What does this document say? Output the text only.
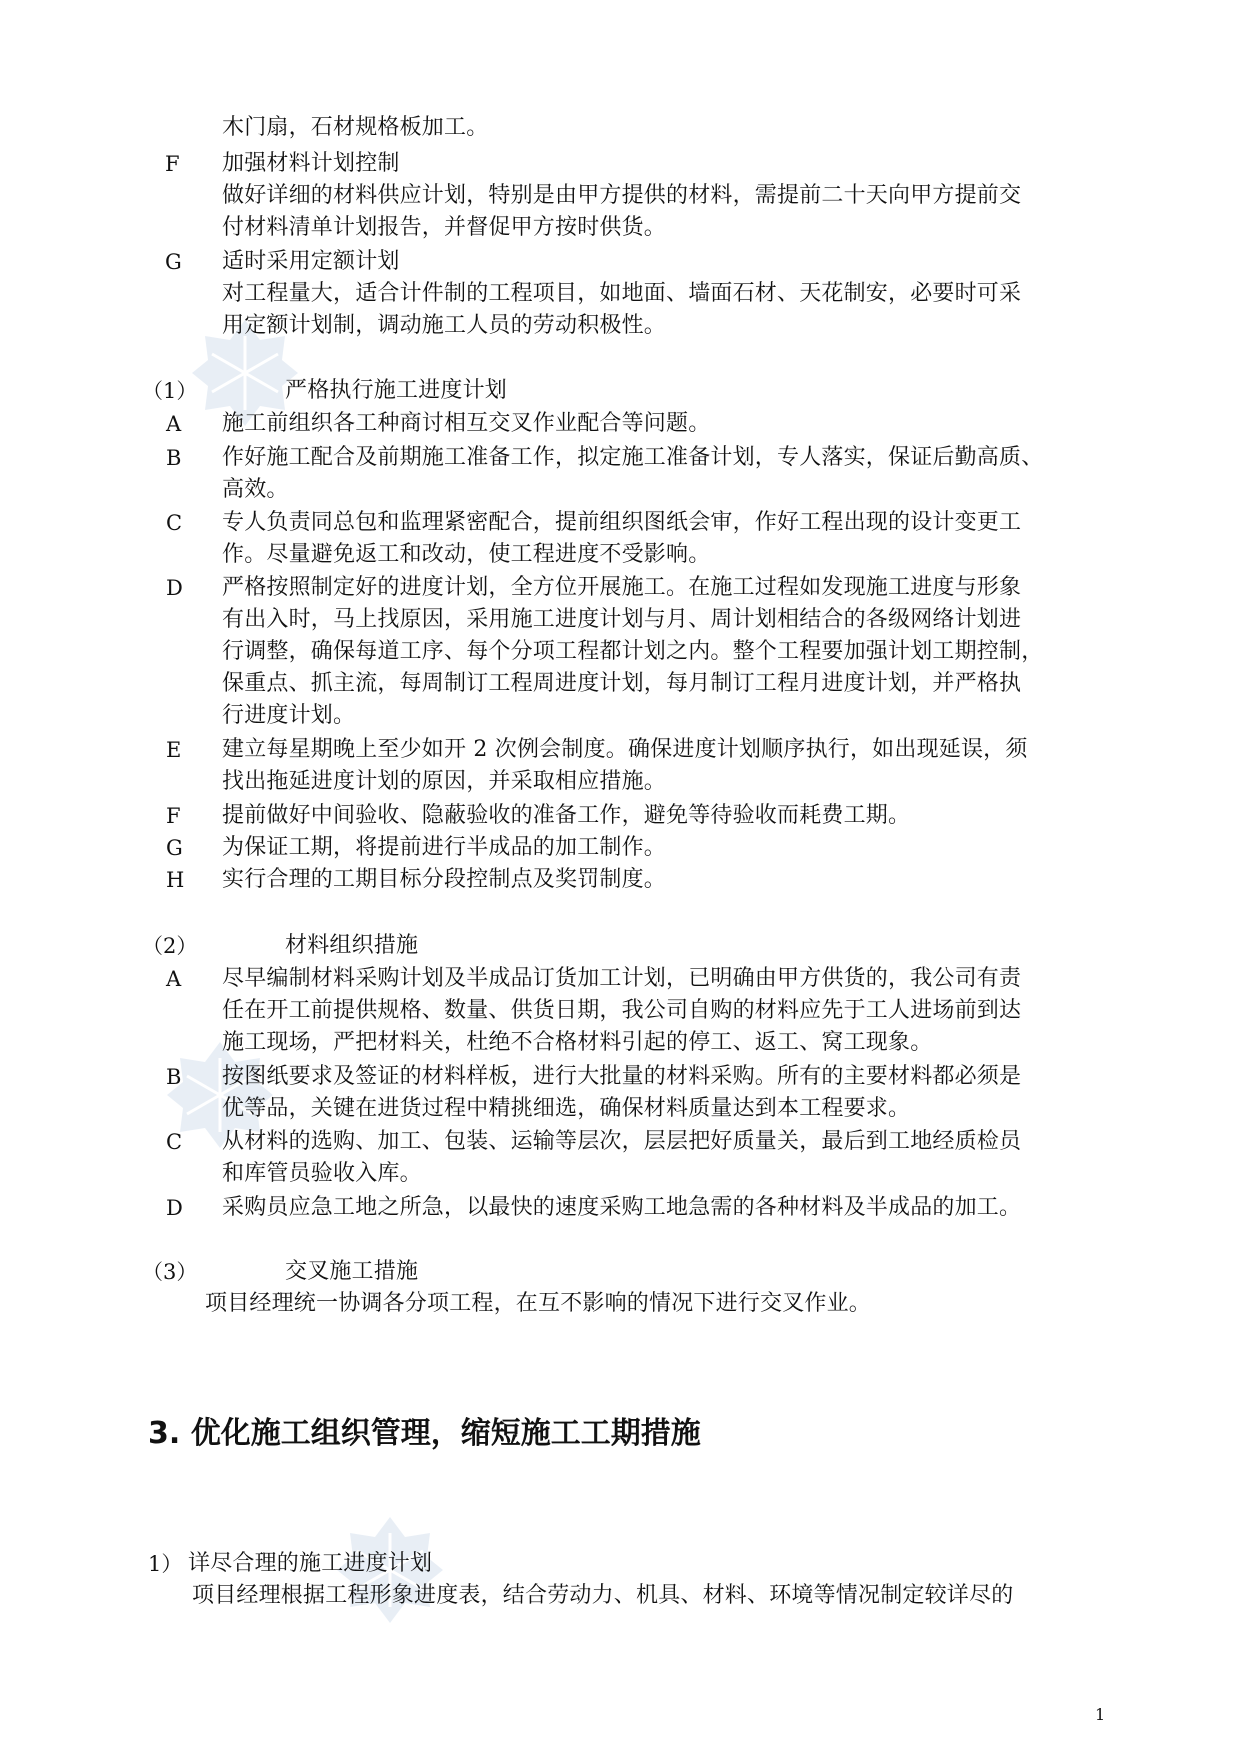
木门扇，石材规格板加工。
F 加强材料计划控制
做好详细的材料供应计划，特别是由甲方提供的材料，需提前二十天向甲方提前交
付材料清单计划报告，并督促甲方按时供货。
G 适时采用定额计划
对工程量大，适合计件制的工程项目，如地面、墙面石材、天花制安，必要时可采
用定额计划制，调动施工人员的劳动积极性。
（1）	严格执行施工进度计划
A 施工前组织各工种商讨相互交叉作业配合等问题。
B 作好施工配合及前期施工准备工作，拟定施工准备计划，专人落实，保证后勤高质、
高效。
C 专人负责同总包和监理紧密配合，提前组织图纸会审，作好工程出现的设计变更工
作。尽量避免返工和改动，使工程进度不受影响。
D 严格按照制定好的进度计划，全方位开展施工。在施工过程如发现施工进度与形象
有出入时，马上找原因，采用施工进度计划与月、周计划相结合的各级网络计划进
行调整，确保每道工序、每个分项工程都计划之内。整个工程要加强计划工期控制，
保重点、抓主流，每周制订工程周进度计划，每月制订工程月进度计划，并严格执
行进度计划。
E 建立每星期晚上至少如开 2 次例会制度。确保进度计划顺序执行，如出现延误，须
找出拖延进度计划的原因，并采取相应措施。
F 提前做好中间验收、隐蔽验收的准备工作，避免等待验收而耗费工期。
G 为保证工期，将提前进行半成品的加工制作。
H 实行合理的工期目标分段控制点及奖罚制度。
（2）	材料组织措施
A 尽早编制材料采购计划及半成品订货加工计划，已明确由甲方供货的，我公司有责
任在开工前提供规格、数量、供货日期，我公司自购的材料应先于工人进场前到达
施工现场，严把材料关，杜绝不合格材料引起的停工、返工、窝工现象。
B 按图纸要求及签证的材料样板，进行大批量的材料采购。所有的主要材料都必须是
优等品，关键在进货过程中精挑细选，确保材料质量达到本工程要求。
C 从材料的选购、加工、包装、运输等层次，层层把好质量关，最后到工地经质检员
和库管员验收入库。
D 采购员应急工地之所急，以最快的速度采购工地急需的各种材料及半成品的加工。
（3）	交叉施工措施
项目经理统一协调各分项工程，在互不影响的情况下进行交叉作业。
3. 优化施工组织管理，缩短施工工期措施
1） 详尽合理的施工进度计划
项目经理根据工程形象进度表，结合劳动力、机具、材料、环境等情况制定较详尽的
1
